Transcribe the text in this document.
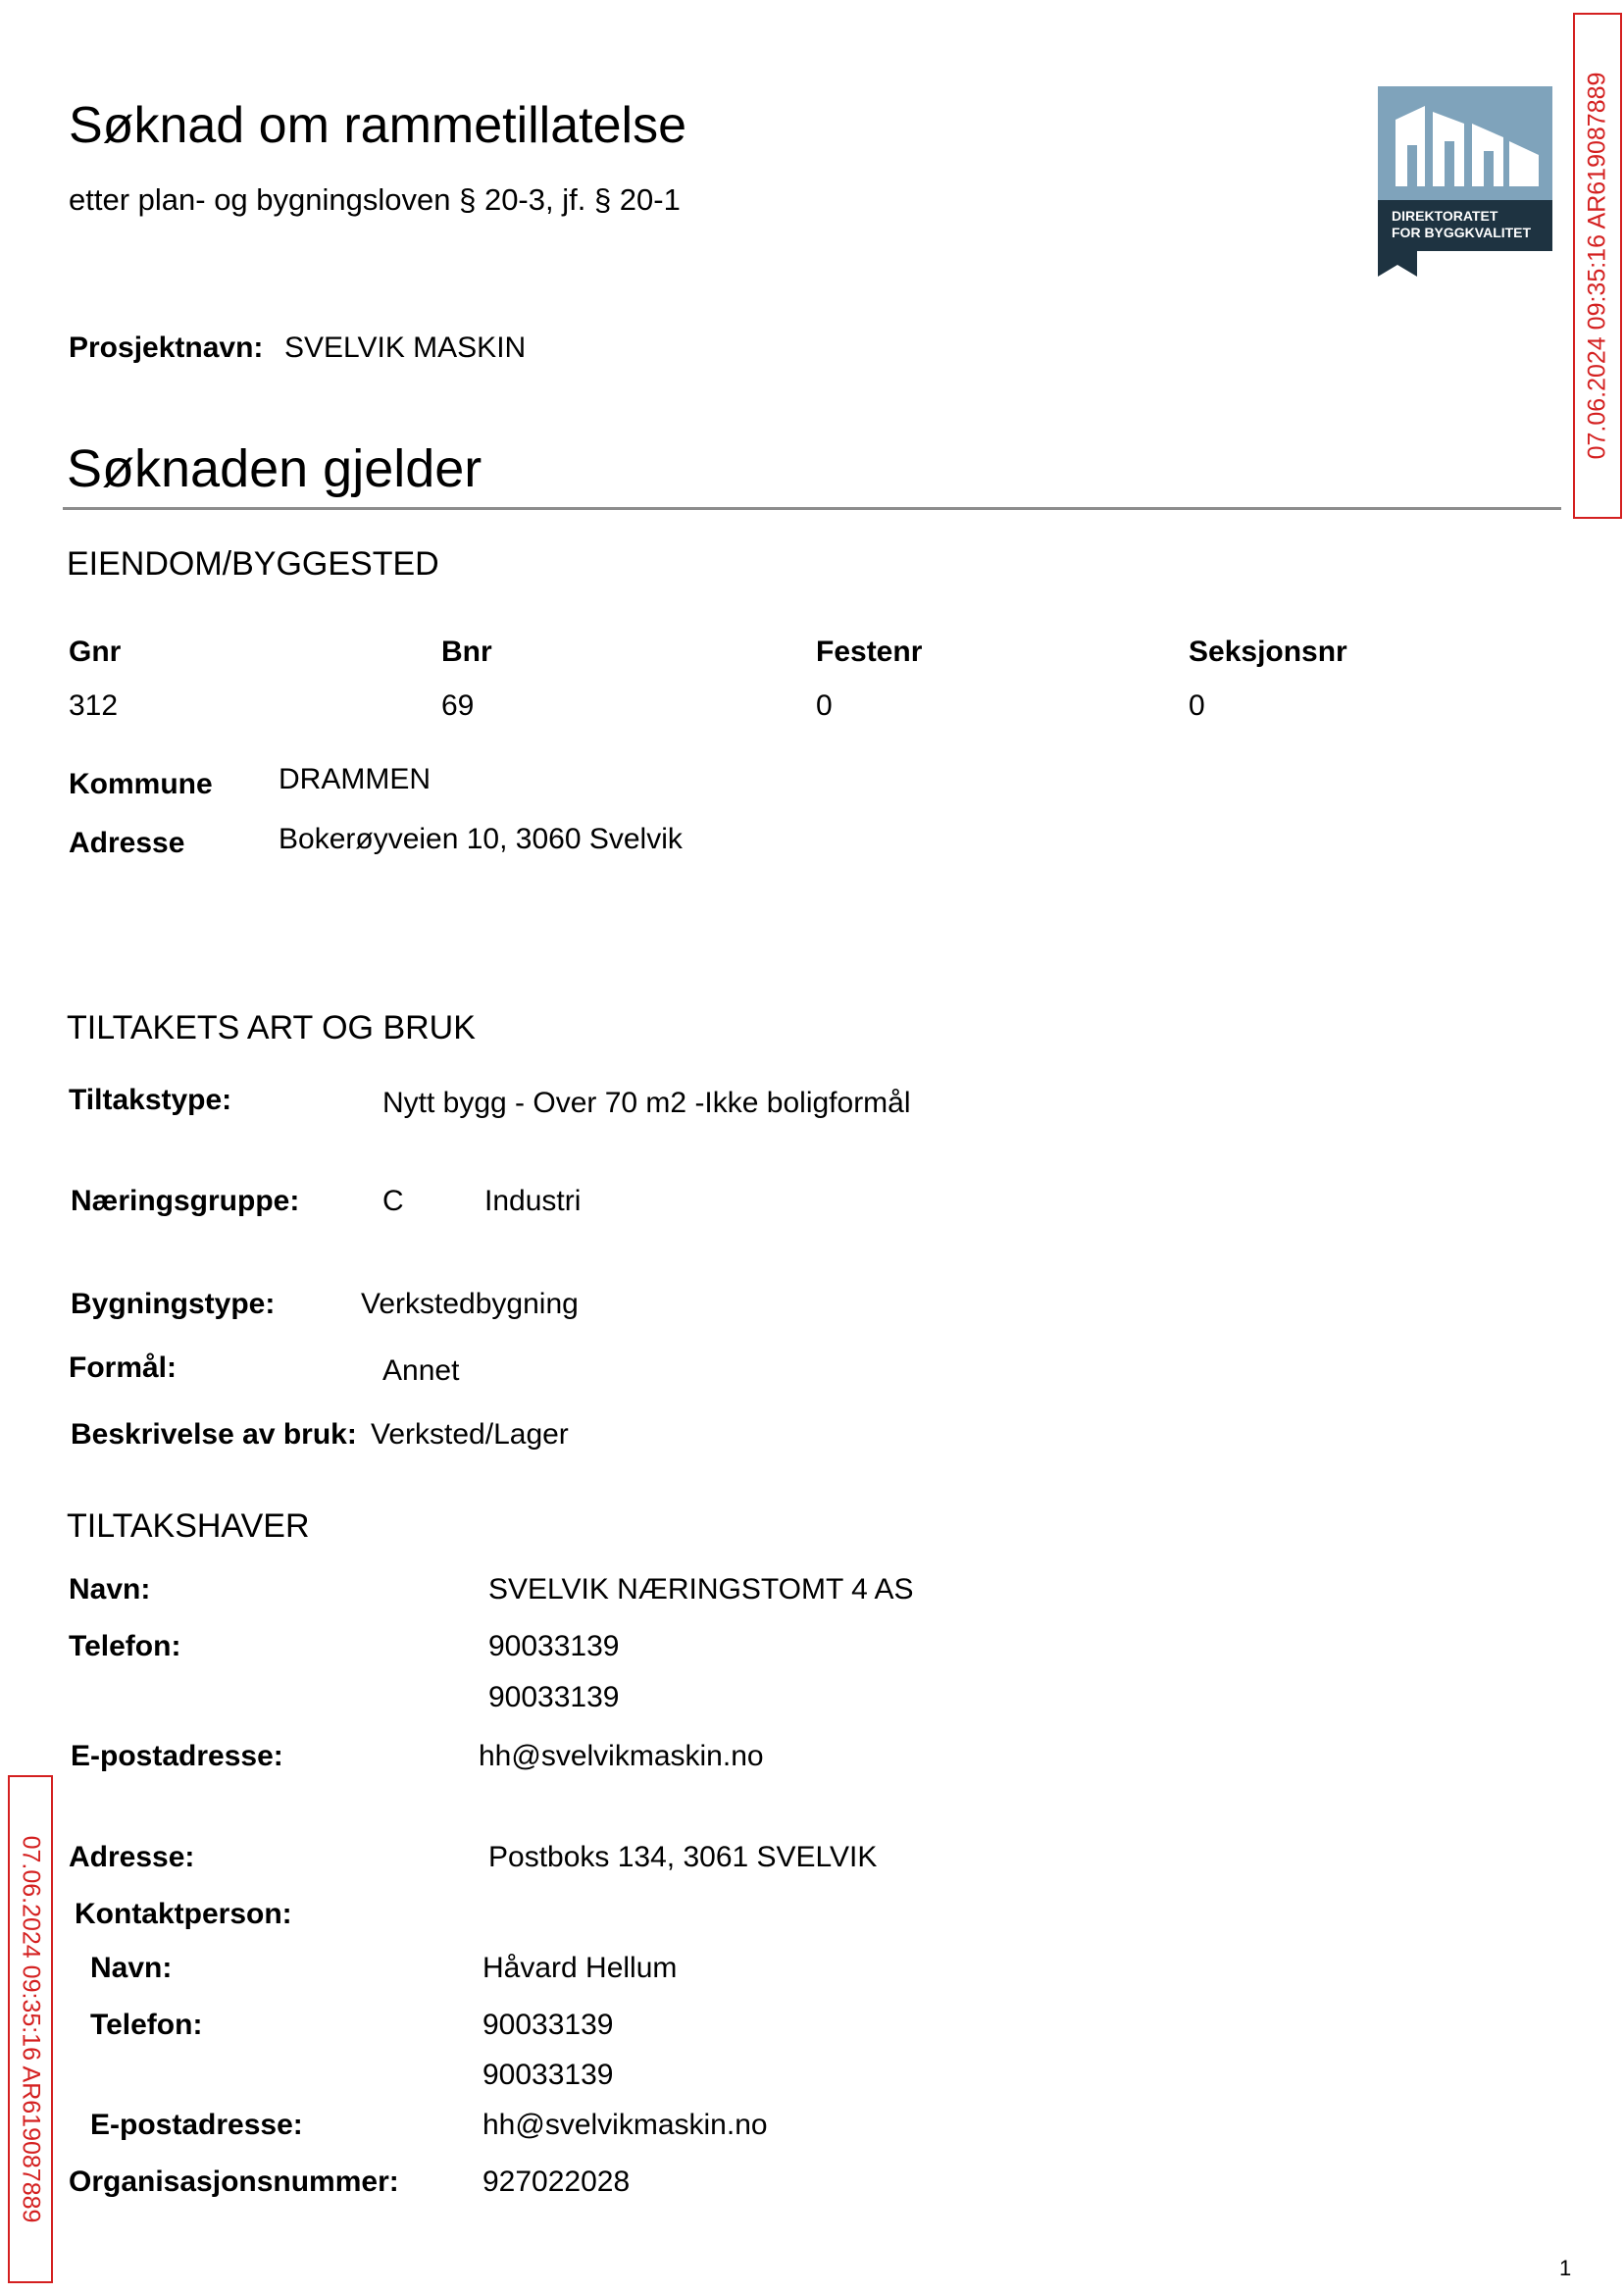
Søknad om rammetillatelse
etter plan- og bygningsloven § 20-3, jf. § 20-1	DIREKTORATET
FOR BYGGKVALITET 07.06.2024 09:35:16 AR619087889
07.06.2024 09:35:16 AR619087889
Prosjektnavn: SVELVIK MASKIN
Søknaden gjelder
EIENDOM/BYGGESTED
Gnr	Bnr	Festenr	Seksjonsnr
312	69	0	0
Kommune DRAMMEN
Adresse	Bokerøyveien 10, 3060 Svelvik
TILTAKETS ART OG BRUK
Tiltakstype:	Nytt bygg - Over 70 m2 -Ikke boligformål
Næringsgruppe:	C	Industri
Bygningstype:	Verkstedbygning
Formål:	Annet
Beskrivelse av bruk: Verksted/Lager
TILTAKSHAVER
Navn:	SVELVIK NÆRINGSTOMT 4 AS
Telefon:	90033139
90033139
E-postadresse:	hh@svelvikmaskin.no
Adresse:	Postboks 134, 3061 SVELVIK
Kontaktperson:
Navn:	Håvard Hellum
Telefon:	90033139
90033139
E-postadresse:	hh@svelvikmaskin.no
Organisasjonsnummer:	927022028
1
